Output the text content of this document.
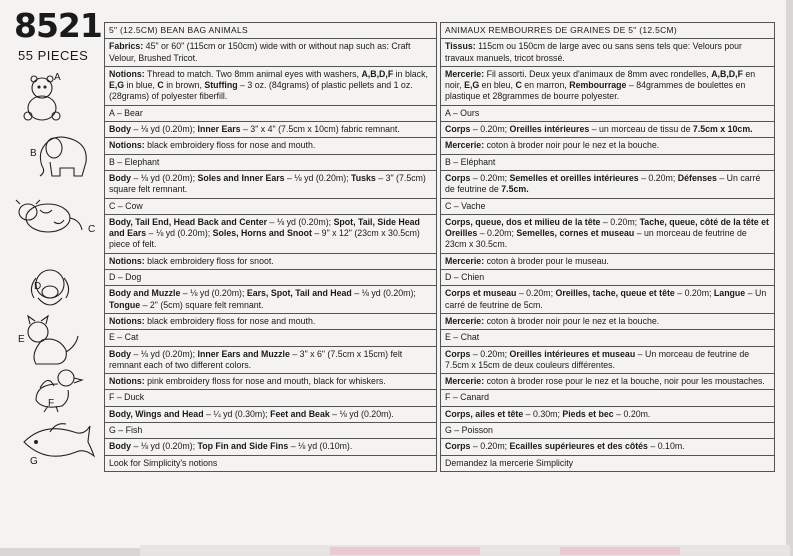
8521
55 PIECES
A
B
C
D
E
F
G
5" (12.5CM) BEAN BAG ANIMALS
Fabrics: 45" or 60" (115cm or 150cm) wide with or without nap such as: Craft Velour, Brushed Tricot.
Notions: Thread to match. Two 8mm animal eyes with washers, A,B,D,F in black, E,G in blue, C in brown, Stuffing – 3 oz. (84grams) of plastic pellets and 1 oz. (28grams) of polyester fiberfill.
A – Bear
Body – ⅛ yd (0.20m); Inner Ears – 3" x 4" (7.5cm x 10cm) fabric remnant.
Notions: black embroidery floss for nose and mouth.
B – Elephant
Body – ⅛ yd (0.20m); Soles and Inner Ears – ⅛ yd (0.20m); Tusks – 3" (7.5cm) square felt remnant.
C – Cow
Body, Tail End, Head Back and Center – ⅛ yd (0.20m); Spot, Tail, Side Head and Ears – ⅛ yd (0.20m); Soles, Horns and Snoot – 9" x 12" (23cm x 30.5cm) piece of felt.
Notions: black embroidery floss for snoot.
D – Dog
Body and Muzzle – ⅛ yd (0.20m); Ears, Spot, Tail and Head – ⅛ yd (0.20m); Tongue – 2" (5cm) square felt remnant.
Notions: black embroidery floss for nose and mouth.
E – Cat
Body – ⅛ yd (0.20m); Inner Ears and Muzzle – 3" x 6" (7.5cm x 15cm) felt remnant each of two different colors.
Notions: pink embroidery floss for nose and mouth, black for whiskers.
F – Duck
Body, Wings and Head – ¼ yd (0.30m); Feet and Beak – ⅛ yd (0.20m).
G – Fish
Body – ⅛ yd (0.20m); Top Fin and Side Fins – ⅛ yd (0.10m).
Look for Simplicity's notions
ANIMAUX REMBOURRES DE GRAINES DE 5" (12.5CM)
Tissus: 115cm ou 150cm de large avec ou sans sens tels que: Velours pour travaux manuels, tricot brossé.
Mercerie: Fil assorti. Deux yeux d'animaux de 8mm avec rondelles, A,B,D,F en noir, E,G en bleu, C en marron, Rembourrage – 84grammes de boulettes en plastique et 28grammes de bourre polyester.
A – Ours
Corps – 0.20m; Oreilles intérieures – un morceau de tissu de 7.5cm x 10cm.
Mercerie: coton à broder noir pour le nez et la bouche.
B – Eléphant
Corps – 0.20m; Semelles et oreilles intérieures – 0.20m; Défenses – Un carré de feutrine de 7.5cm.
C – Vache
Corps, queue, dos et milieu de la tête – 0.20m; Tache, queue, côté de la tête et Oreilles – 0.20m; Semelles, cornes et museau – un morceau de feutrine de 23cm x 30.5cm.
Mercerie: coton à broder pour le museau.
D – Chien
Corps et museau – 0.20m; Oreilles, tache, queue et tête – 0.20m; Langue – Un carré de feutrine de 5cm.
Mercerie: coton à broder noir pour le nez et la bouche.
E – Chat
Corps – 0.20m; Oreilles intérieures et museau – Un morceau de feutrine de 7.5cm x 15cm de deux couleurs différentes.
Mercerie: coton à broder rose pour le nez et la bouche, noir pour les moustaches.
F – Canard
Corps, ailes et tête – 0.30m; Pieds et bec – 0.20m.
G – Poisson
Corps – 0.20m; Ecailles supérieures et des côtés – 0.10m.
Demandez la mercerie Simplicity
